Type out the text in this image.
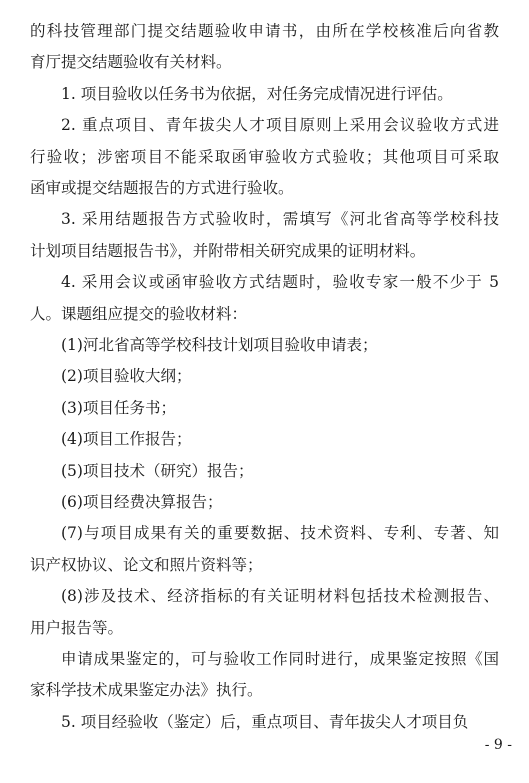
的科技管理部门提交结题验收申请书，由所在学校核准后向省教
育厅提交结题验收有关材料。
1. 项目验收以任务书为依据，对任务完成情况进行评估。
2. 重点项目、青年拔尖人才项目原则上采用会议验收方式进
行验收；涉密项目不能采取函审验收方式验收；其他项目可采取
函审或提交结题报告的方式进行验收。
3. 采用结题报告方式验收时，需填写《河北省高等学校科技
计划项目结题报告书》，并附带相关研究成果的证明材料。
4. 采用会议或函审验收方式结题时，验收专家一般不少于 5
人。课题组应提交的验收材料：
(1)河北省高等学校科技计划项目验收申请表；
(2)项目验收大纲；
(3)项目任务书；
(4)项目工作报告；
(5)项目技术（研究）报告；
(6)项目经费决算报告；
(7)与项目成果有关的重要数据、技术资料、专利、专著、知
识产权协议、论文和照片资料等；
(8)涉及技术、经济指标的有关证明材料包括技术检测报告、
用户报告等。
申请成果鉴定的，可与验收工作同时进行，成果鉴定按照《国
家科学技术成果鉴定办法》执行。
5. 项目经验收（鉴定）后，重点项目、青年拔尖人才项目负
- 9 -
